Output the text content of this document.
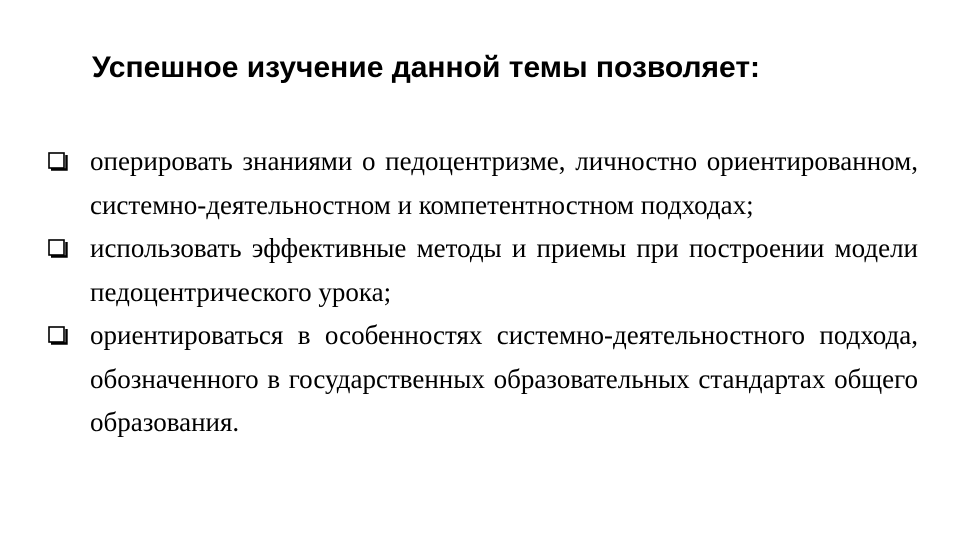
Успешное изучение данной темы позволяет:
оперировать знаниями о педоцентризме, личностно ориентированном, системно-деятельностном и компетентностном подходах;
использовать эффективные методы и приемы при построении модели педоцентрического урока;
ориентироваться в особенностях системно-деятельностного подхода, обозначенного в государственных образовательных стандартах общего образования.
